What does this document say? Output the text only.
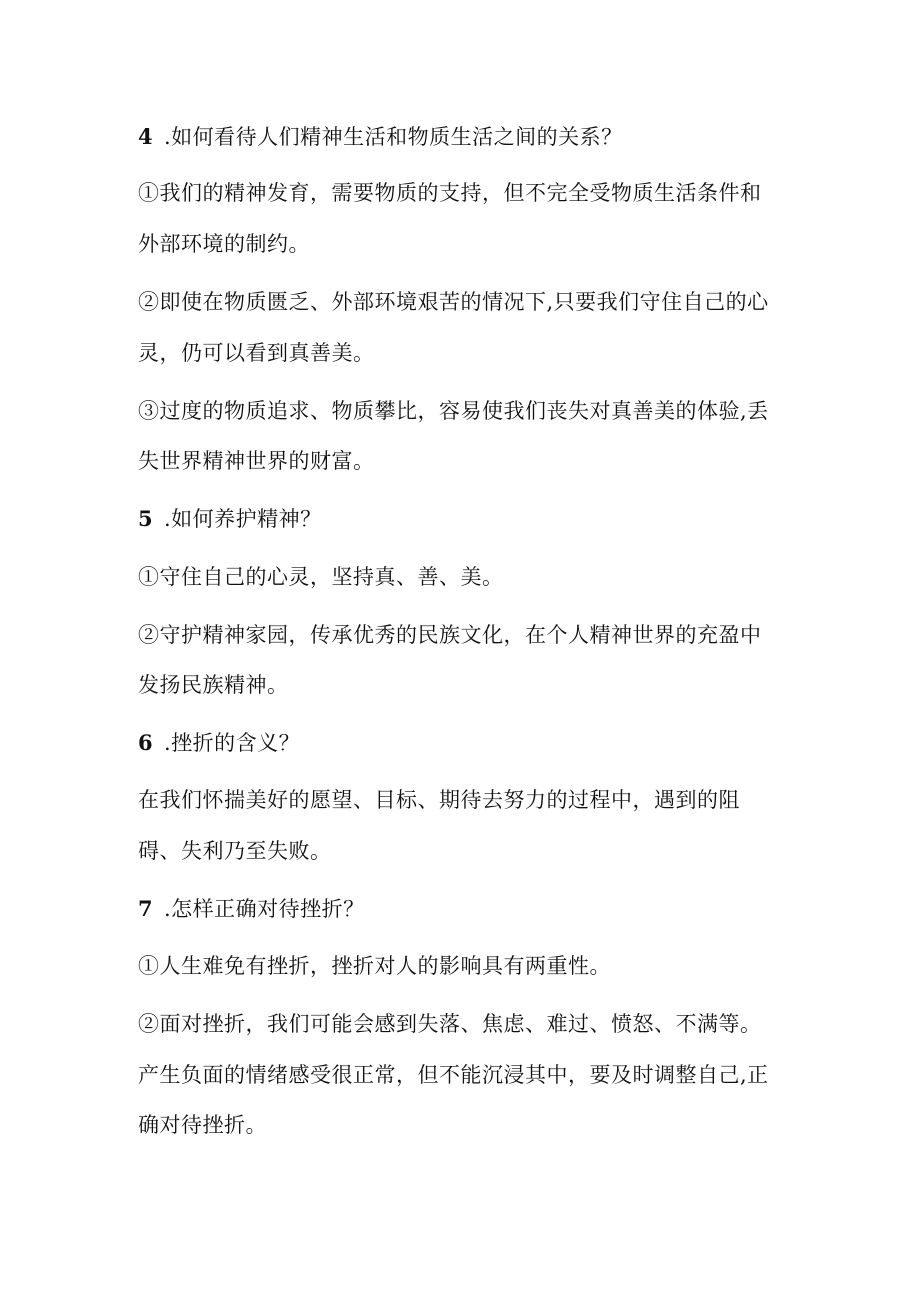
4 .如何看待人们精神生活和物质生活之间的关系？
①我们的精神发育，需要物质的支持，但不完全受物质生活条件和
外部环境的制约。
②即使在物质匮乏、外部环境艰苦的情况下,只要我们守住自己的心
灵，仍可以看到真善美。
③过度的物质追求、物质攀比，容易使我们丧失对真善美的体验,丢
失世界精神世界的财富。
5 .如何养护精神？
①守住自己的心灵，坚持真、善、美。
②守护精神家园，传承优秀的民族文化，在个人精神世界的充盈中
发扬民族精神。
6 .挫折的含义？
在我们怀揣美好的愿望、目标、期待去努力的过程中，遇到的阻
碍、失利乃至失败。
7 .怎样正确对待挫折？
①人生难免有挫折，挫折对人的影响具有两重性。
②面对挫折，我们可能会感到失落、焦虑、难过、愤怒、不满等。
产生负面的情绪感受很正常，但不能沉浸其中，要及时调整自己,正
确对待挫折。
